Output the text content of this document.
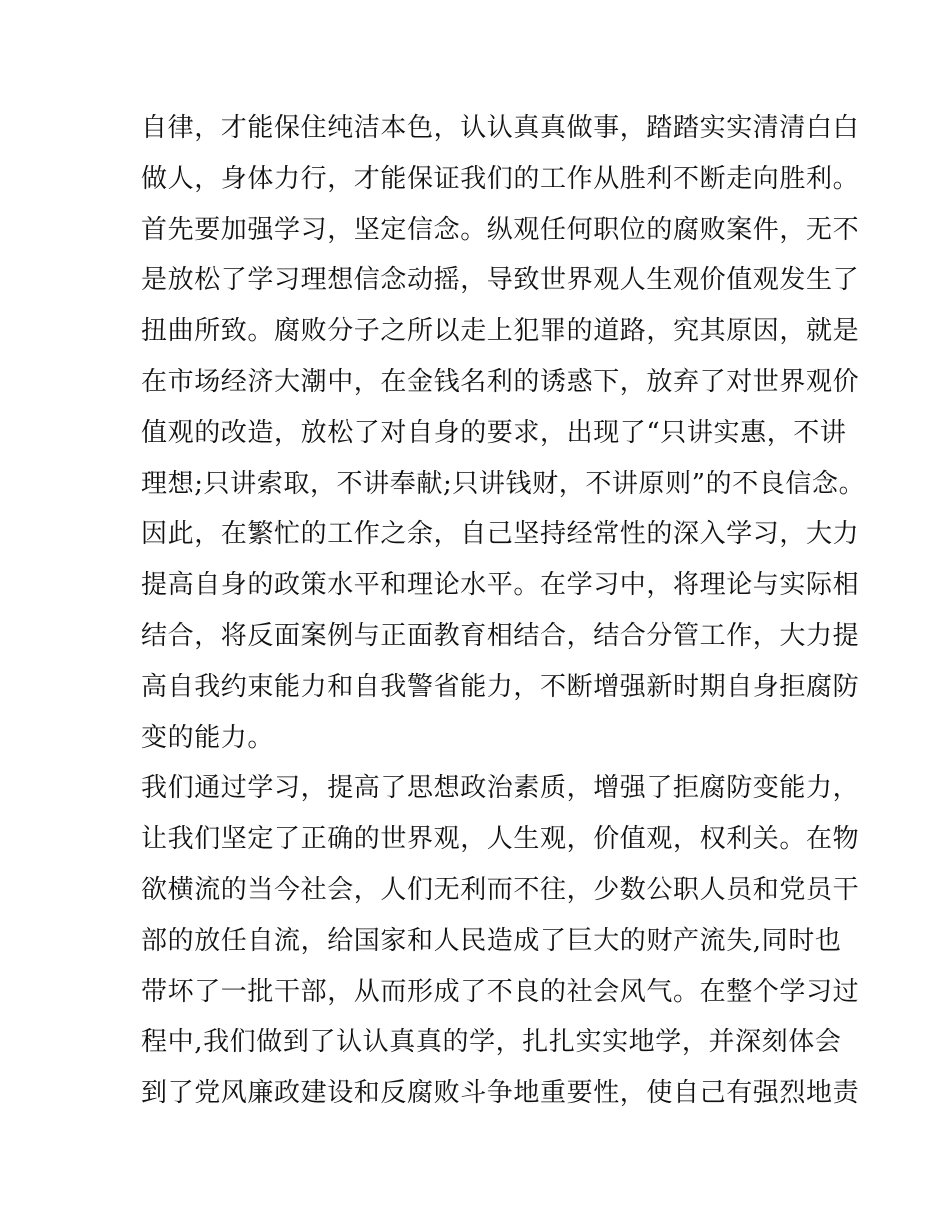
自律，才能保住纯洁本色，认认真真做事，踏踏实实清清白白
做人，身体力行，才能保证我们的工作从胜利不断走向胜利。
首先要加强学习，坚定信念。纵观任何职位的腐败案件，无不
是放松了学习理想信念动摇，导致世界观人生观价值观发生了
扭曲所致。腐败分子之所以走上犯罪的道路，究其原因，就是
在市场经济大潮中，在金钱名利的诱惑下，放弃了对世界观价
值观的改造，放松了对自身的要求，出现了“只讲实惠，不讲
理想;只讲索取，不讲奉献;只讲钱财，不讲原则”的不良信念。
因此，在繁忙的工作之余，自己坚持经常性的深入学习，大力
提高自身的政策水平和理论水平。在学习中，将理论与实际相
结合，将反面案例与正面教育相结合，结合分管工作，大力提
高自我约束能力和自我警省能力，不断增强新时期自身拒腐防
变的能力。
我们通过学习，提高了思想政治素质，增强了拒腐防变能力，
让我们坚定了正确的世界观，人生观，价值观，权利关。在物
欲横流的当今社会，人们无利而不往，少数公职人员和党员干
部的放任自流，给国家和人民造成了巨大的财产流失,同时也
带坏了一批干部，从而形成了不良的社会风气。在整个学习过
程中,我们做到了认认真真的学，扎扎实实地学，并深刻体会
到了党风廉政建设和反腐败斗争地重要性，使自己有强烈地责
